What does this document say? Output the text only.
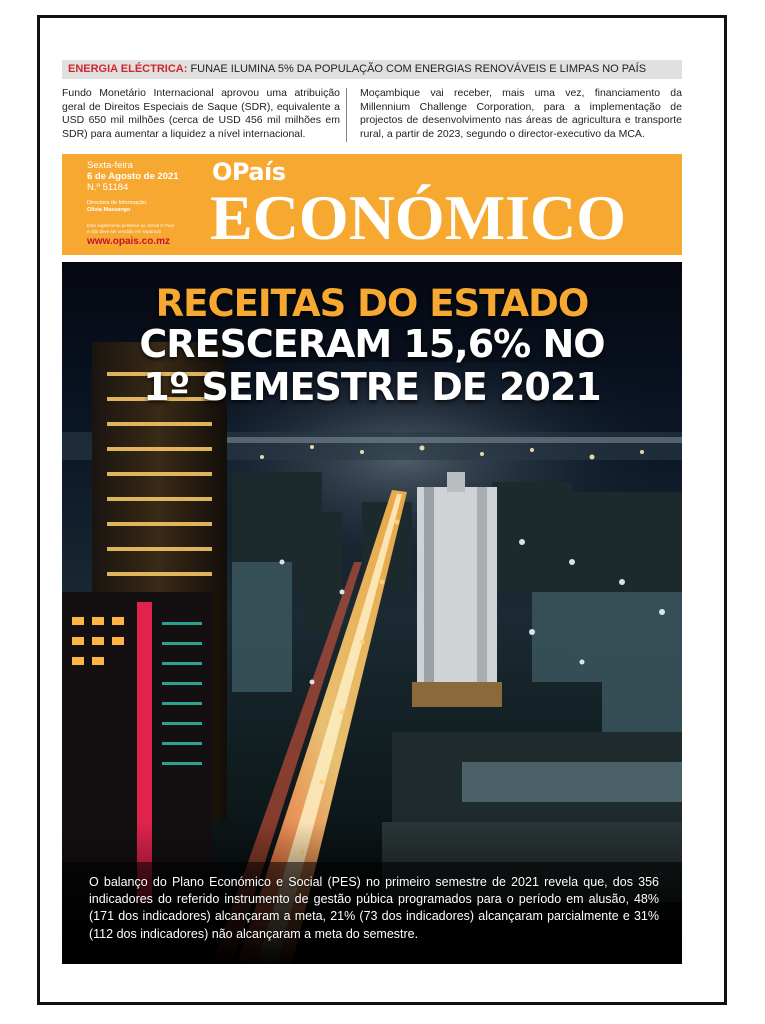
ENERGIA ELÉCTRICA: FUNAE ILUMINA 5% DA POPULAÇÃO COM ENERGIAS RENOVÁVEIS E LIMPAS NO PAÍS
Fundo Monetário Internacional aprovou uma atribuição geral de Direitos Especiais de Saque (SDR), equivalente a USD 650 mil milhões (cerca de USD 456 mil milhões em SDR) para aumentar a liquidez a nível internacional.
Moçambique vai receber, mais uma vez, financiamento da Millennium Challenge Corporation, para a implementação de projectos de desenvolvimento nas áreas de agricultura e transporte rural, a partir de 2023, segundo o director-executivo da MCA.
Sexta-feira
6 de Agosto de 2021
N.º 51184
Directora de Informação:
Olivia Massango
Este suplemento pertence ao Jornal O País e não deve ser vendido em separado
www.opais.co.mz
OPaís
ECONÓMICO
RECEITAS DO ESTADO
CRESCERAM 15,6% NO
1º SEMESTRE DE 2021
O balanço do Plano Económico e Social (PES) no primeiro semestre de 2021 revela que, dos 356 indicadores do referido instrumento de gestão púbica programados para o período em alusão, 48% (171 dos indicadores) alcançaram a meta, 21% (73 dos indicadores) alcançaram parcialmente e 31% (112 dos indicadores) não alcançaram a meta do semestre.
